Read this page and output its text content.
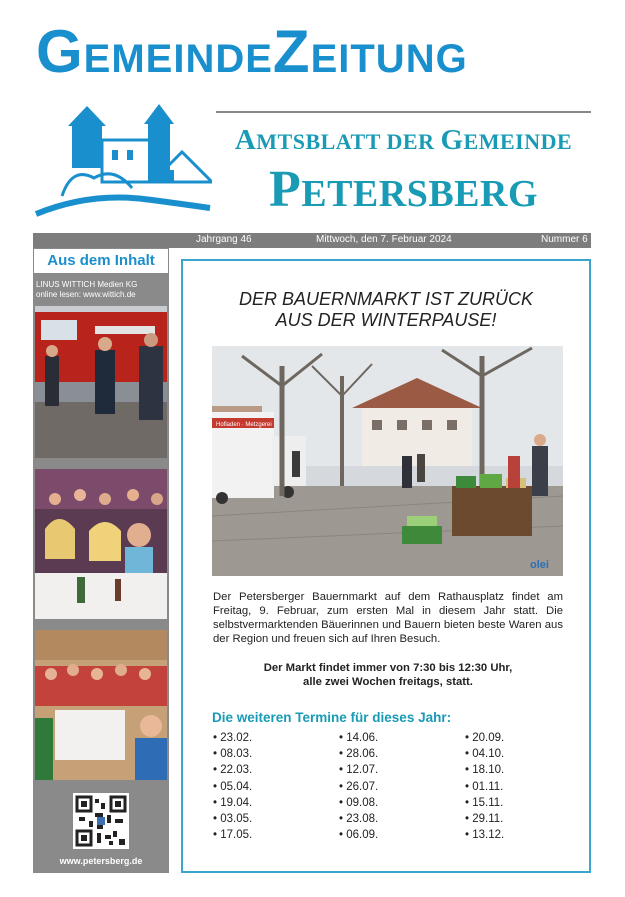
GEMEINDEZEITUNG
AMTSBLATT DER GEMEINDE
PETERSBERG
Jahrgang 46	Mittwoch, den 7. Februar 2024	Nummer 6
Aus dem Inhalt
LINUS WITTICH Medien KG
online lesen: www.wittich.de
www.petersberg.de
DER BAUERNMARKT IST ZURÜCK
AUS DER WINTERPAUSE!
Hofladen · Metzgerei
olei
Der Petersberger Bauernmarkt auf dem Rathausplatz findet am Freitag, 9. Februar, zum ersten Mal in diesem Jahr statt. Die selbstvermarktenden Bäuerinnen und Bauern bieten beste Waren aus der Region und freuen sich auf Ihren Besuch.
Der Markt findet immer von 7:30 bis 12:30 Uhr,
alle zwei Wochen freitags, statt.
Die weiteren Termine für dieses Jahr:
• 23.02.
• 08.03.
• 22.03.
• 05.04.
• 19.04.
• 03.05.
• 17.05.
• 14.06.
• 28.06.
• 12.07.
• 26.07.
• 09.08.
• 23.08.
• 06.09.
• 20.09.
• 04.10.
• 18.10.
• 01.11.
• 15.11.
• 29.11.
• 13.12.
